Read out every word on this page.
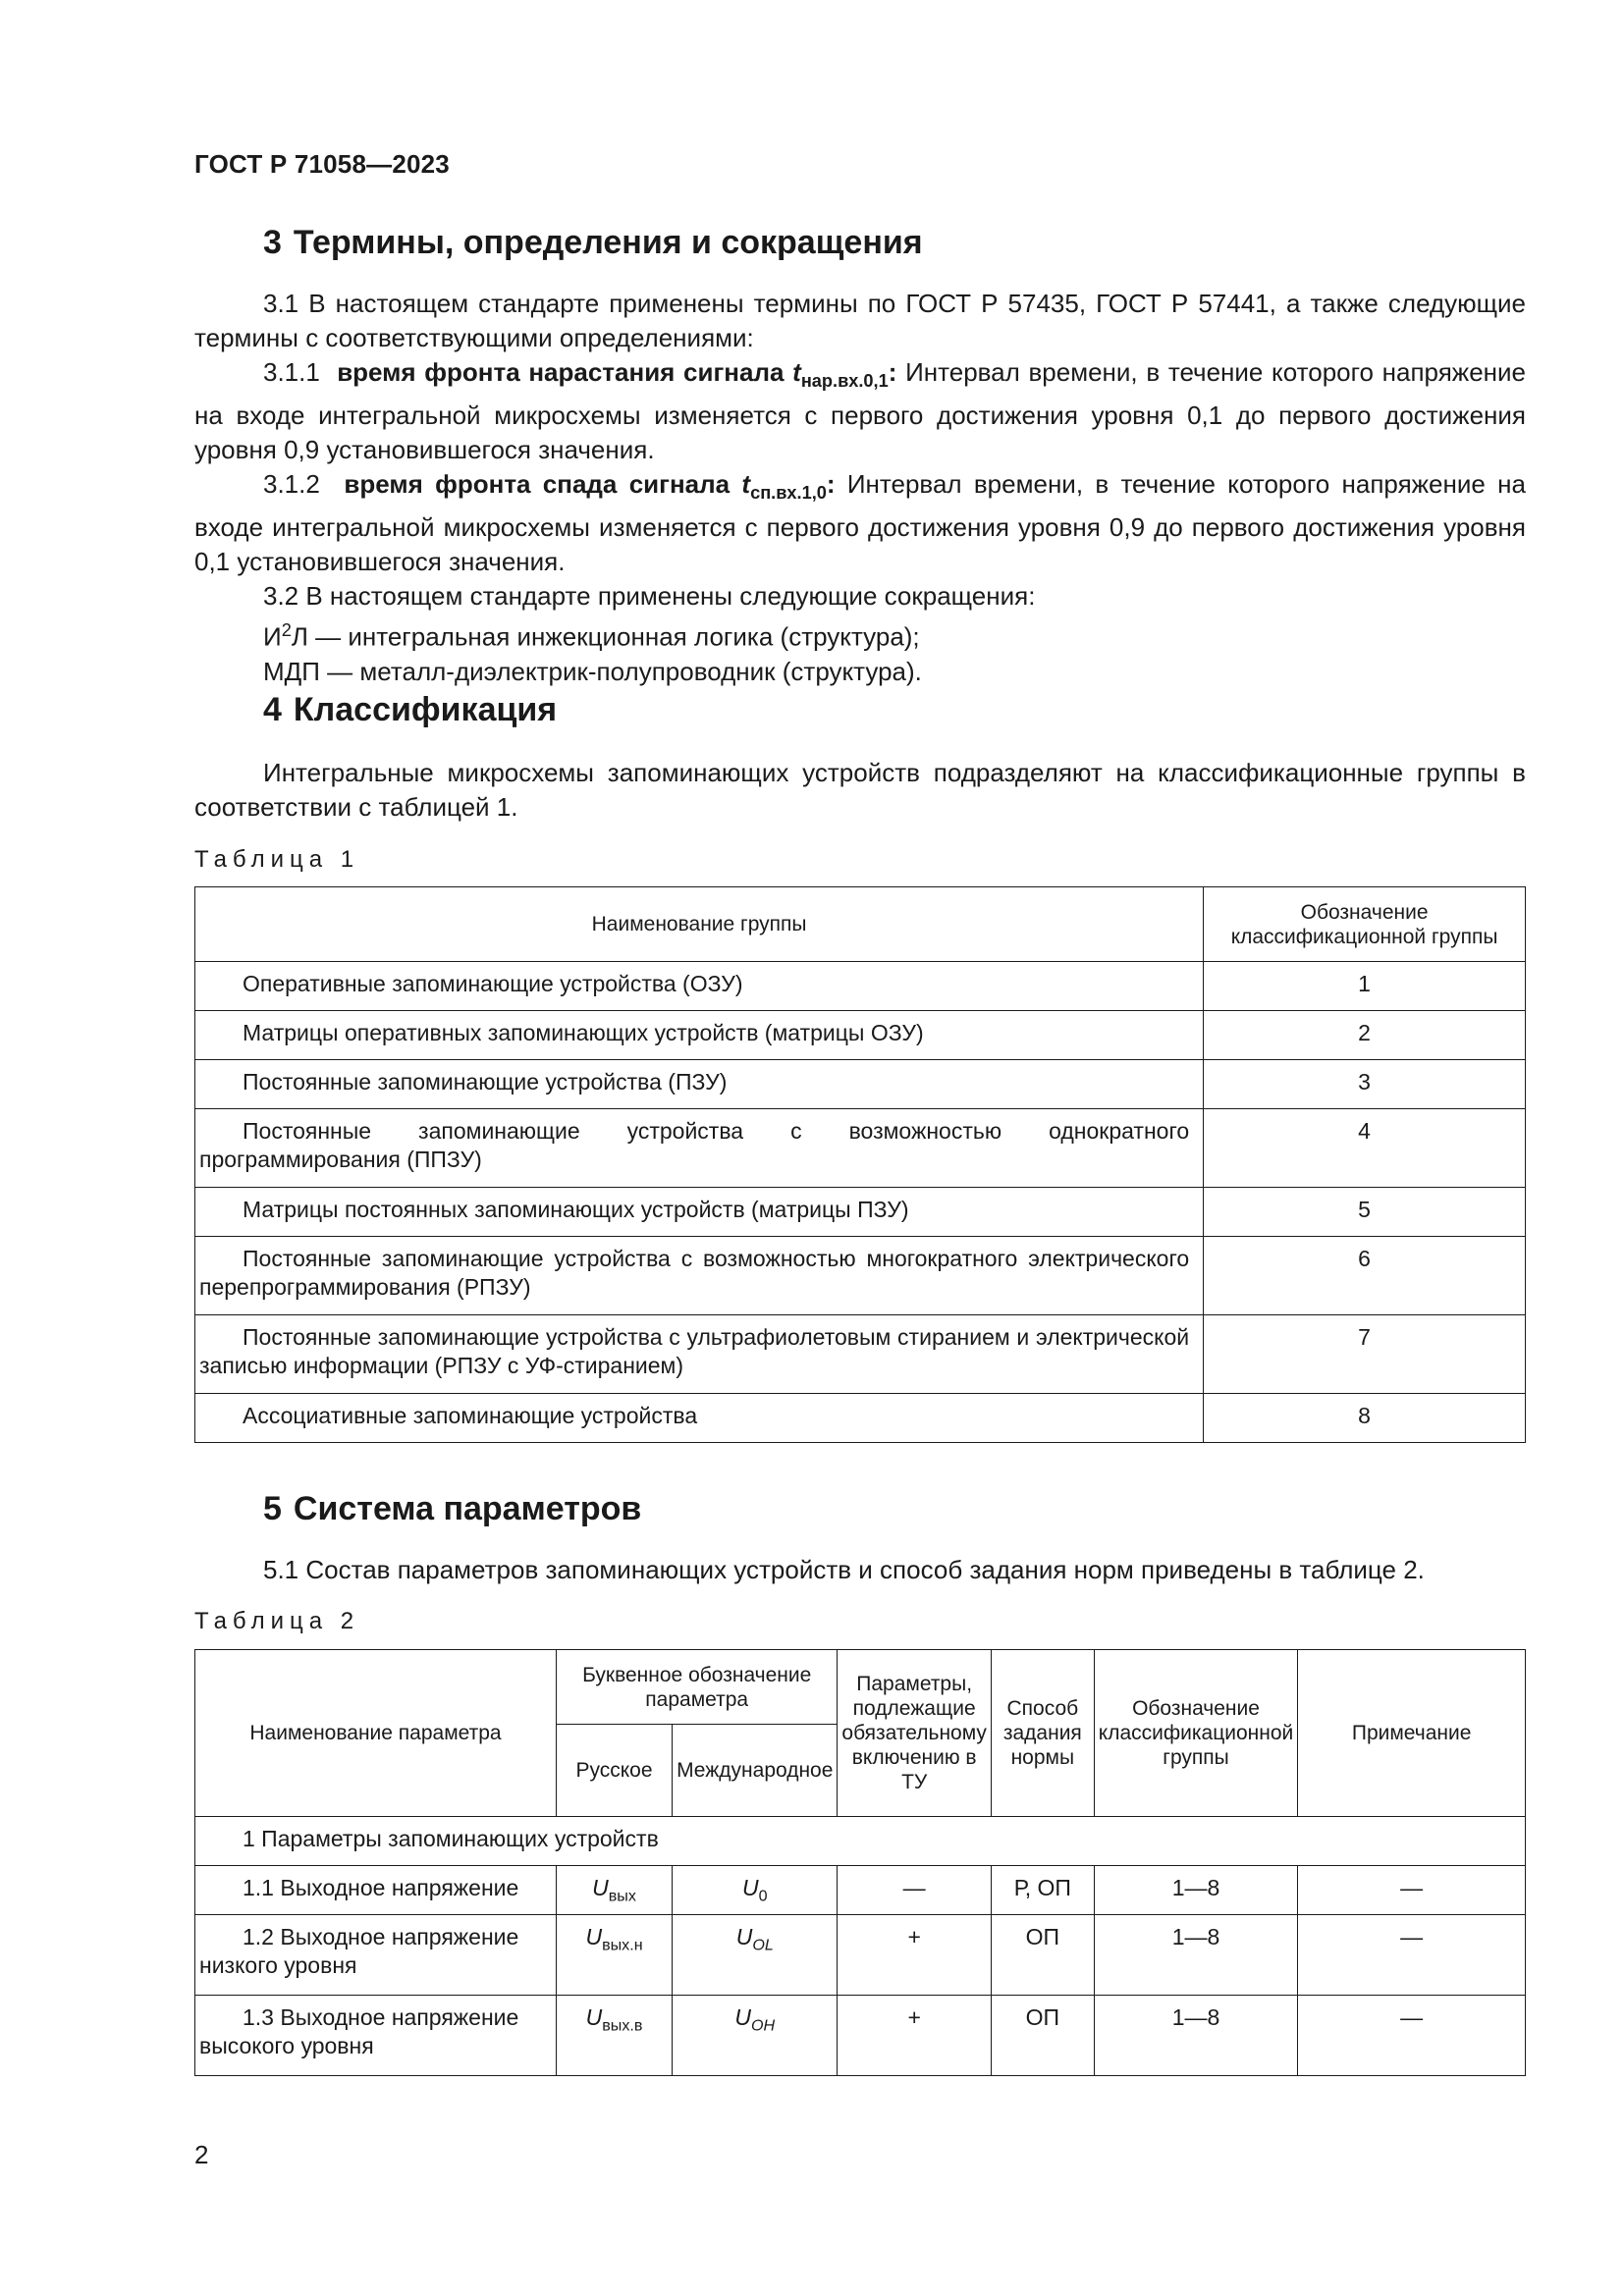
ГОСТ Р 71058—2023
3 Термины, определения и сокращения

3.1 В настоящем стандарте применены термины по ГОСТ Р 57435, ГОСТ Р 57441, а также следующие термины с соответствующими определениями:

3.1.1 время фронта нарастания сигнала $t_{нар.вх.0,1}$: Интервал времени, в течение которого напряжение на входе интегральной микросхемы изменяется с первого достижения уровня 0,1 до первого достижения уровня 0,9 установившегося значения.

3.1.2 время фронта спада сигнала $t_{сп.вх.1,0}$: Интервал времени, в течение которого напряжение на входе интегральной микросхемы изменяется с первого достижения уровня 0,9 до первого достижения уровня 0,1 установившегося значения.

3.2 В настоящем стандарте применены следующие сокращения:

$И^2Л$ — интегральная инжекционная логика (структура);

МДП — металл-диэлектрик-полупроводник (структура).

4 Классификация

Интегральные микросхемы запоминающих устройств подразделяют на классификационные группы в соответствии с таблицей 1.

Таблица 1
Наименование группы	Обозначение классификационной группы

Оперативные запоминающие устройства (ОЗУ)	1

Матрицы оперативных запоминающих устройств (матрицы ОЗУ)	2

Постоянные запоминающие устройства (ПЗУ)	3

Постоянные запоминающие устройства с возможностью однократного программирования (ППЗУ)	4

Матрицы постоянных запоминающих устройств (матрицы ПЗУ)	5

Постоянные запоминающие устройства с возможностью многократного электрического перепрограммирования (РПЗУ)	6

Постоянные запоминающие устройства с ультрафиолетовым стиранием и электрической записью информации (РПЗУ с УФ-стиранием)	7

Ассоциативные запоминающие устройства	8
5 Система параметров

5.1 Состав параметров запоминающих устройств и способ задания норм приведены в таблице 2.

Таблица 2
Наименование параметра	Буквенное обозначение параметра		Параметры, подлежащие обязательному включению в ТУ	Способ задания нормы	Обозначение классификационной группы	Примечание
	Русское	Международное				
1 Параметры запоминающих устройств						

1.1 Выходное напряжение	$U_{вых}$	$U_0$	—	Р, ОП	1—8	—

1.2 Выходное напряжение
низкого уровня	$U_{вых.н}$	$U_{OL}$	+	ОП	1—8	—

1.3 Выходное напряжение
высокого уровня	$U_{вых.в}$	$U_{OH}$	+	ОП	1—8	—
2
